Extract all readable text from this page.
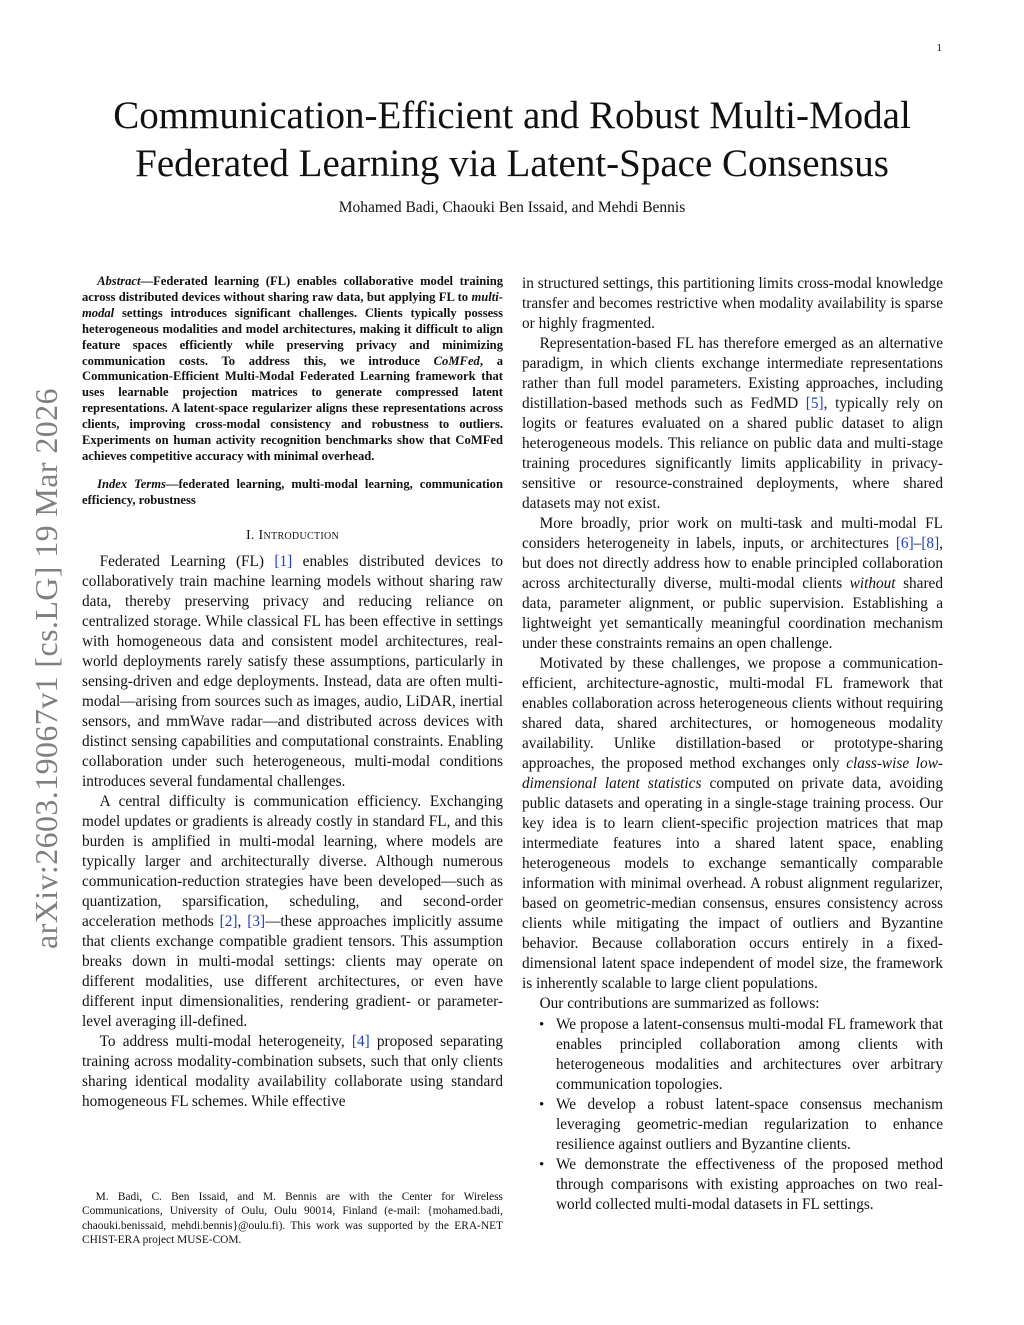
1
arXiv:2603.19067v1 [cs.LG] 19 Mar 2026
Communication-Efficient and Robust Multi-Modal
Federated Learning via Latent-Space Consensus

Mohamed Badi, Chaouki Ben Issaid, and Mehdi Bennis

Abstract—Federated learning (FL) enables collaborative model training across distributed devices without sharing raw data, but applying FL to multi-modal settings introduces significant challenges. Clients typically possess heterogeneous modalities and model architectures, making it difficult to align feature spaces efficiently while preserving privacy and minimizing communication costs. To address this, we introduce CoMFed, a Communication-Efficient Multi-Modal Federated Learning framework that uses learnable projection matrices to generate compressed latent representations. A latent-space regularizer aligns these representations across clients, improving cross-modal consistency and robustness to outliers. Experiments on human activity recognition benchmarks show that CoMFed achieves competitive accuracy with minimal overhead.

Index Terms—federated learning, multi-modal learning, communication efficiency, robustness

I. Introduction

Federated Learning (FL) [1] enables distributed devices to collaboratively train machine learning models without sharing raw data, thereby preserving privacy and reducing reliance on centralized storage. While classical FL has been effective in settings with homogeneous data and consistent model architectures, real-world deployments rarely satisfy these assumptions, particularly in sensing-driven and edge deployments. Instead, data are often multi-modal—arising from sources such as images, audio, LiDAR, inertial sensors, and mmWave radar—and distributed across devices with distinct sensing capabilities and computational constraints. Enabling collaboration under such heterogeneous, multi-modal conditions introduces several fundamental challenges.

A central difficulty is communication efficiency. Exchanging model updates or gradients is already costly in standard FL, and this burden is amplified in multi-modal learning, where models are typically larger and architecturally diverse. Although numerous communication-reduction strategies have been developed—such as quantization, sparsification, scheduling, and second-order acceleration methods [2], [3]—these approaches implicitly assume that clients exchange compatible gradient tensors. This assumption breaks down in multi-modal settings: clients may operate on different modalities, use different architectures, or even have different input dimensionalities, rendering gradient- or parameter-level averaging ill-defined.

To address multi-modal heterogeneity, [4] proposed separating training across modality-combination subsets, such that only clients sharing identical modality availability collaborate using standard homogeneous FL schemes. While effective

M. Badi, C. Ben Issaid, and M. Bennis are with the Center for Wireless Communications, University of Oulu, Oulu 90014, Finland (e-mail: {mohamed.badi, chaouki.benissaid, mehdi.bennis}@oulu.fi). This work was supported by the ERA-NET CHIST-ERA project MUSE-COM.

in structured settings, this partitioning limits cross-modal knowledge transfer and becomes restrictive when modality availability is sparse or highly fragmented.

Representation-based FL has therefore emerged as an alternative paradigm, in which clients exchange intermediate representations rather than full model parameters. Existing approaches, including distillation-based methods such as FedMD [5], typically rely on logits or features evaluated on a shared public dataset to align heterogeneous models. This reliance on public data and multi-stage training procedures significantly limits applicability in privacy-sensitive or resource-constrained deployments, where shared datasets may not exist.

More broadly, prior work on multi-task and multi-modal FL considers heterogeneity in labels, inputs, or architectures [6]–[8], but does not directly address how to enable principled collaboration across architecturally diverse, multi-modal clients without shared data, parameter alignment, or public supervision. Establishing a lightweight yet semantically meaningful coordination mechanism under these constraints remains an open challenge.

Motivated by these challenges, we propose a communication-efficient, architecture-agnostic, multi-modal FL framework that enables collaboration across heterogeneous clients without requiring shared data, shared architectures, or homogeneous modality availability. Unlike distillation-based or prototype-sharing approaches, the proposed method exchanges only class-wise low-dimensional latent statistics computed on private data, avoiding public datasets and operating in a single-stage training process. Our key idea is to learn client-specific projection matrices that map intermediate features into a shared latent space, enabling heterogeneous models to exchange semantically comparable information with minimal overhead. A robust alignment regularizer, based on geometric-median consensus, ensures consistency across clients while mitigating the impact of outliers and Byzantine behavior. Because collaboration occurs entirely in a fixed-dimensional latent space independent of model size, the framework is inherently scalable to large client populations.

Our contributions are summarized as follows:

• We propose a latent-consensus multi-modal FL framework that enables principled collaboration among clients with heterogeneous modalities and architectures over arbitrary communication topologies.
• We develop a robust latent-space consensus mechanism leveraging geometric-median regularization to enhance resilience against outliers and Byzantine clients.
• We demonstrate the effectiveness of the proposed method through comparisons with existing approaches on two real-world collected multi-modal datasets in FL settings.
